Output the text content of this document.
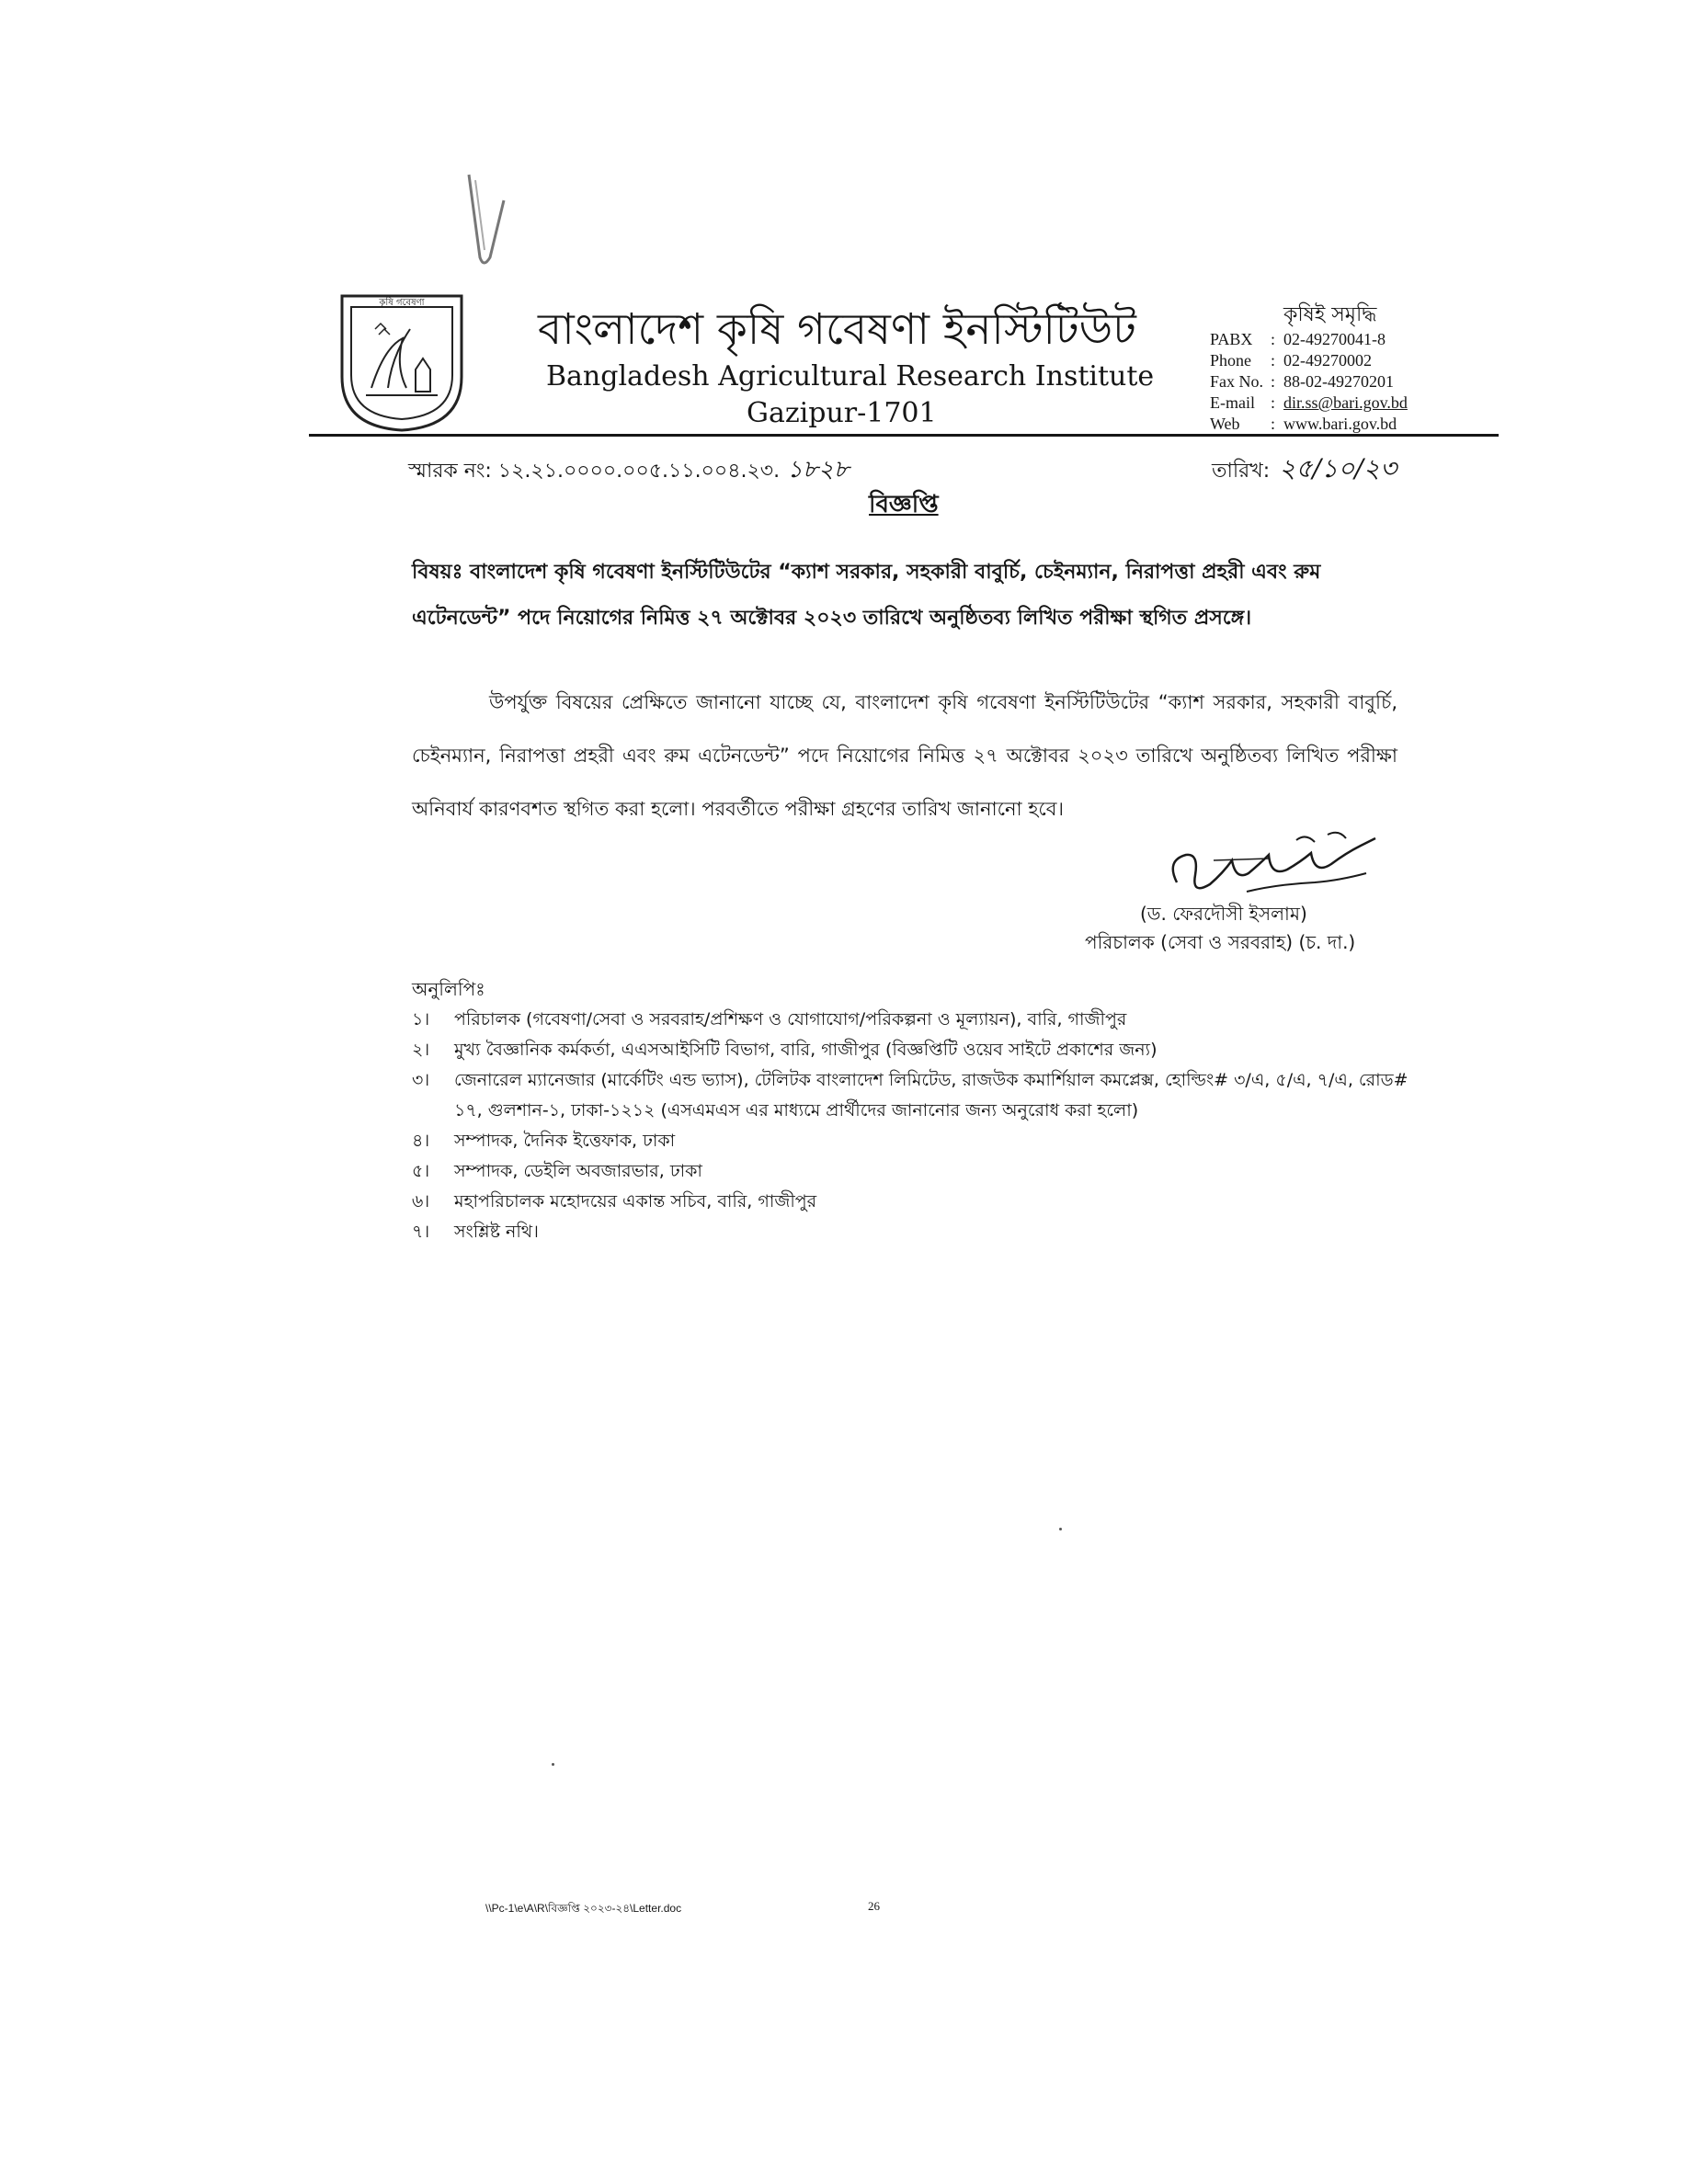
কৃষি গবেষণা
বাংলাদেশ কৃষি গবেষণা ইনস্টিটিউট
Bangladesh Agricultural Research Institute
Gazipur-1701
কৃষিই সমৃদ্ধি
PABX	: 02-49270041-8
Phone	: 02-49270002
Fax No. : 88-02-49270201
E-mail : dir.ss@bari.gov.bd
Web	: www.bari.gov.bd
স্মারক নং: ১২.২১.০০০০.০০৫.১১.০০৪.২৩. ১৮২৮	তারিখ: ২৫/১০/২৩
বিজ্ঞপ্তি
বিষয়ঃ বাংলাদেশ কৃষি গবেষণা ইনস্টিটিউটের “ক্যাশ সরকার, সহকারী বাবুর্চি, চেইনম্যান, নিরাপত্তা প্রহরী এবং রুম এটেনডেন্ট” পদে নিয়োগের নিমিত্ত ২৭ অক্টোবর ২০২৩ তারিখে অনুষ্ঠিতব্য লিখিত পরীক্ষা স্থগিত প্রসঙ্গে।
উপর্যুক্ত বিষয়ের প্রেক্ষিতে জানানো যাচ্ছে যে, বাংলাদেশ কৃষি গবেষণা ইনস্টিটিউটের “ক্যাশ সরকার, সহকারী বাবুর্চি, চেইনম্যান, নিরাপত্তা প্রহরী এবং রুম এটেনডেন্ট” পদে নিয়োগের নিমিত্ত ২৭ অক্টোবর ২০২৩ তারিখে অনুষ্ঠিতব্য লিখিত পরীক্ষা অনিবার্য কারণবশত স্থগিত করা হলো। পরবর্তীতে পরীক্ষা গ্রহণের তারিখ জানানো হবে।
(ড. ফেরদৌসী ইসলাম)
পরিচালক (সেবা ও সরবরাহ) (চ. দা.)
অনুলিপিঃ
১।	পরিচালক (গবেষণা/সেবা ও সরবরাহ/প্রশিক্ষণ ও যোগাযোগ/পরিকল্পনা ও মূল্যায়ন), বারি, গাজীপুর
২।	মুখ্য বৈজ্ঞানিক কর্মকর্তা, এএসআইসিটি বিভাগ, বারি, গাজীপুর (বিজ্ঞপ্তিটি ওয়েব সাইটে প্রকাশের জন্য)
৩।	জেনারেল ম্যানেজার (মার্কেটিং এন্ড ভ্যাস), টেলিটক বাংলাদেশ লিমিটেড, রাজউক কমার্শিয়াল কমপ্লেক্স, হোল্ডিং# ৩/এ, ৫/এ, ৭/এ, রোড# ১৭, গুলশান-১, ঢাকা-১২১২ (এসএমএস এর মাধ্যমে প্রার্থীদের জানানোর জন্য অনুরোধ করা হলো)
৪।	সম্পাদক, দৈনিক ইত্তেফাক, ঢাকা
৫।	সম্পাদক, ডেইলি অবজারভার, ঢাকা
৬।	মহাপরিচালক মহোদয়ের একান্ত সচিব, বারি, গাজীপুর
৭।	সংশ্লিষ্ট নথি।
\\Pc-1\e\A\R\বিজ্ঞপ্তি ২০২৩-২৪\Letter.doc	26
